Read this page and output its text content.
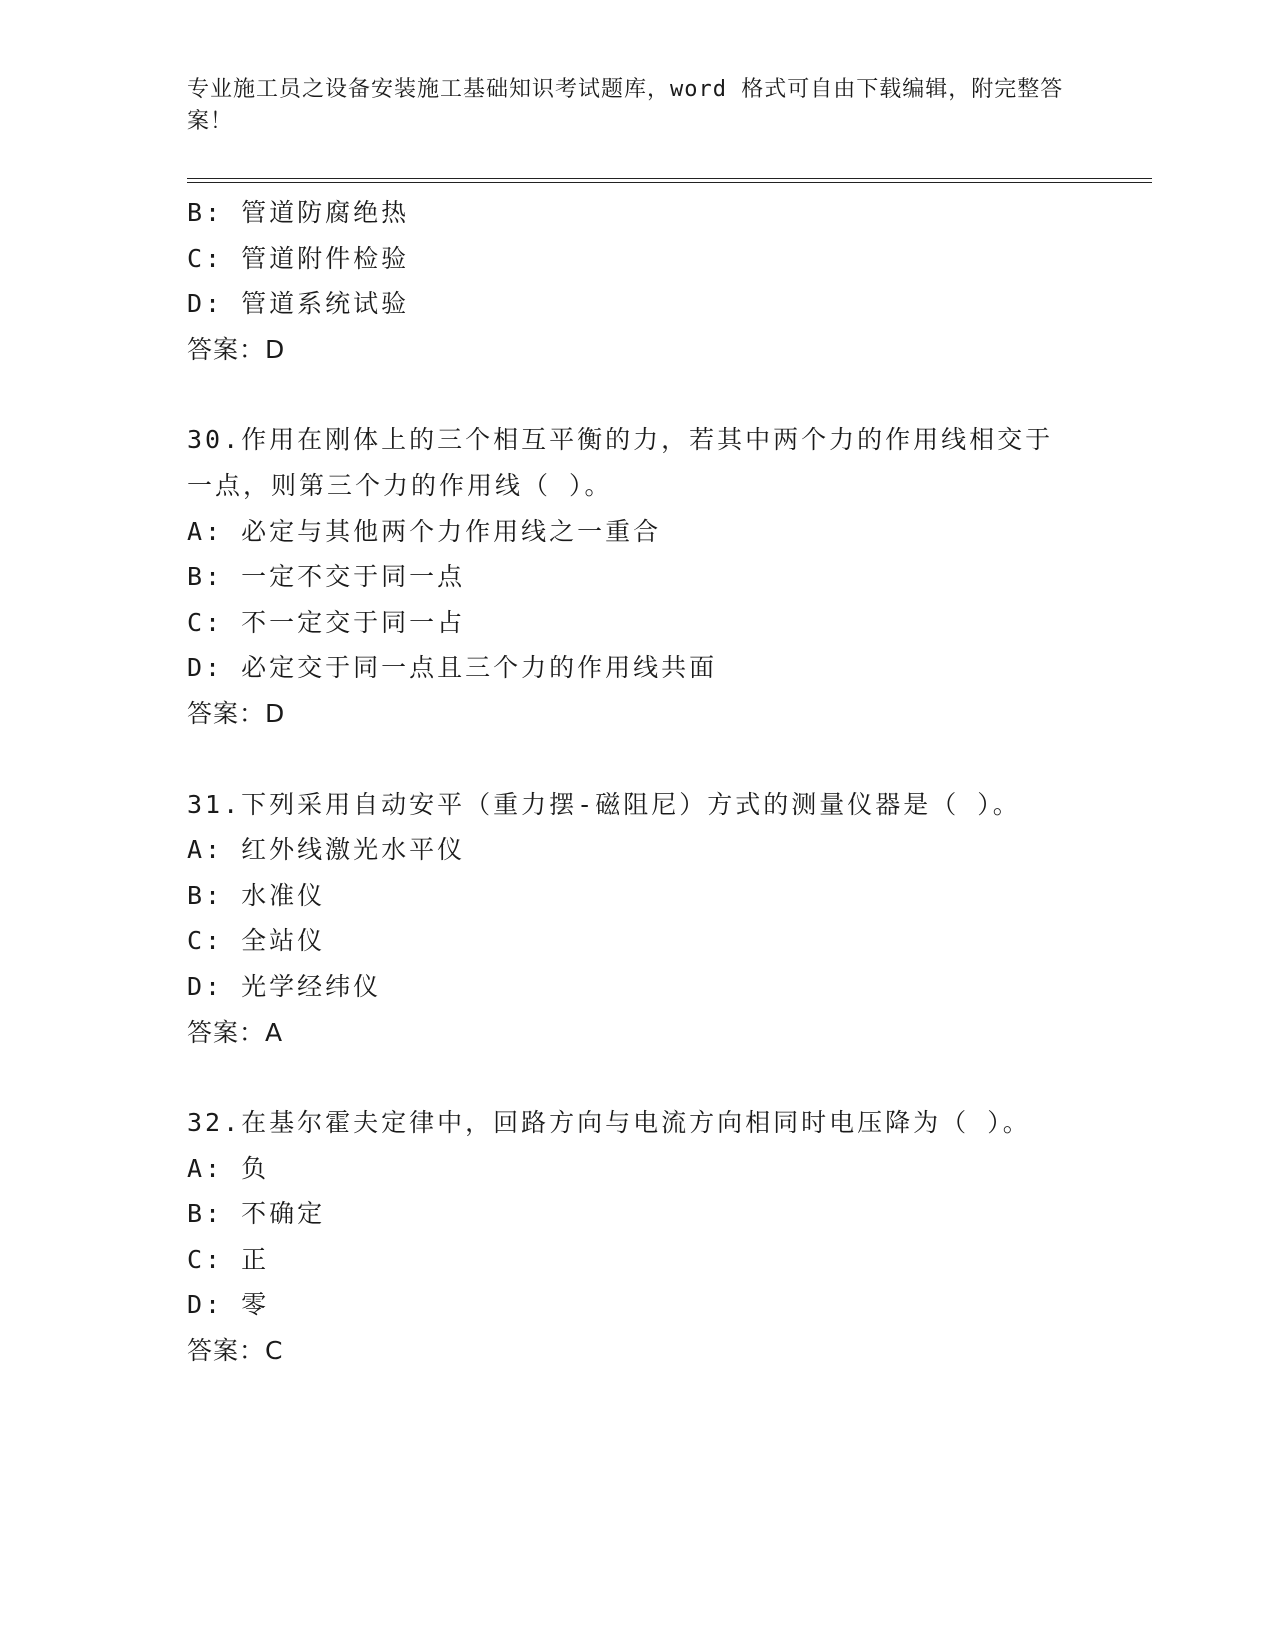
专业施工员之设备安装施工基础知识考试题库，word 格式可自由下载编辑，附完整答案！

B: 管道防腐绝热
C: 管道附件检验
D: 管道系统试验
答案：D
30.作用在刚体上的三个相互平衡的力，若其中两个力的作用线相交于
一点，则第三个力的作用线（ ）。
A: 必定与其他两个力作用线之一重合
B: 一定不交于同一点
C: 不一定交于同一占
D: 必定交于同一点且三个力的作用线共面
答案：D
31.下列采用自动安平（重力摆-磁阻尼）方式的测量仪器是（ ）。
A: 红外线激光水平仪
B: 水准仪
C: 全站仪
D: 光学经纬仪
答案：A
32.在基尔霍夫定律中，回路方向与电流方向相同时电压降为（ ）。
A: 负
B: 不确定
C: 正
D: 零
答案：C
